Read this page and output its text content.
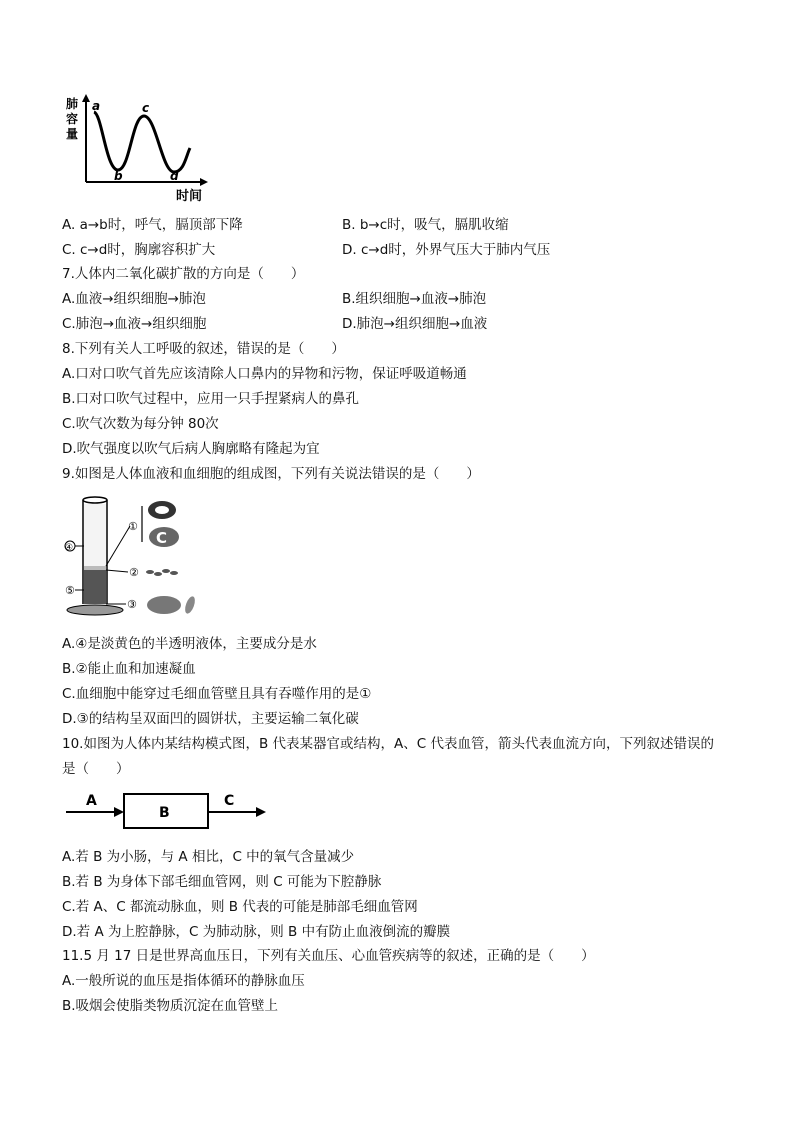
肺
容
量
a
b
c
d
时间
A. a→b时，呼气，膈顶部下降	B. b→c时，吸气，膈肌收缩
C. c→d时，胸廓容积扩大	D. c→d时，外界气压大于肺内气压
7.人体内二氧化碳扩散的方向是（　　）
A.血液→组织细胞→肺泡	B.组织细胞→血液→肺泡
C.肺泡→血液→组织细胞	D.肺泡→组织细胞→血液
8.下列有关人工呼吸的叙述，错误的是（　　）
A.口对口吹气首先应该清除人口鼻内的异物和污物，保证呼吸道畅通
B.口对口吹气过程中，应用一只手捏紧病人的鼻孔
C.吹气次数为每分钟 80次
D.吹气强度以吹气后病人胸廓略有隆起为宜
9.如图是人体血液和血细胞的组成图，下列有关说法错误的是（　　）
④
⑤
①
C
②
③
A.④是淡黄色的半透明液体，主要成分是水
B.②能止血和加速凝血
C.血细胞中能穿过毛细血管壁且具有吞噬作用的是①
D.③的结构呈双面凹的圆饼状，主要运输二氧化碳
10.如图为人体内某结构模式图，B 代表某器官或结构，A、C 代表血管，箭头代表血流方向，下列叙述错误的
是（　　）
A
B
C
A.若 B 为小肠，与 A 相比，C 中的氧气含量减少
B.若 B 为身体下部毛细血管网，则 C 可能为下腔静脉
C.若 A、C 都流动脉血，则 B 代表的可能是肺部毛细血管网
D.若 A 为上腔静脉，C 为肺动脉，则 B 中有防止血液倒流的瓣膜
11.5 月 17 日是世界高血压日，下列有关血压、心血管疾病等的叙述，正确的是（　　）
A.一般所说的血压是指体循环的静脉血压
B.吸烟会使脂类物质沉淀在血管壁上
